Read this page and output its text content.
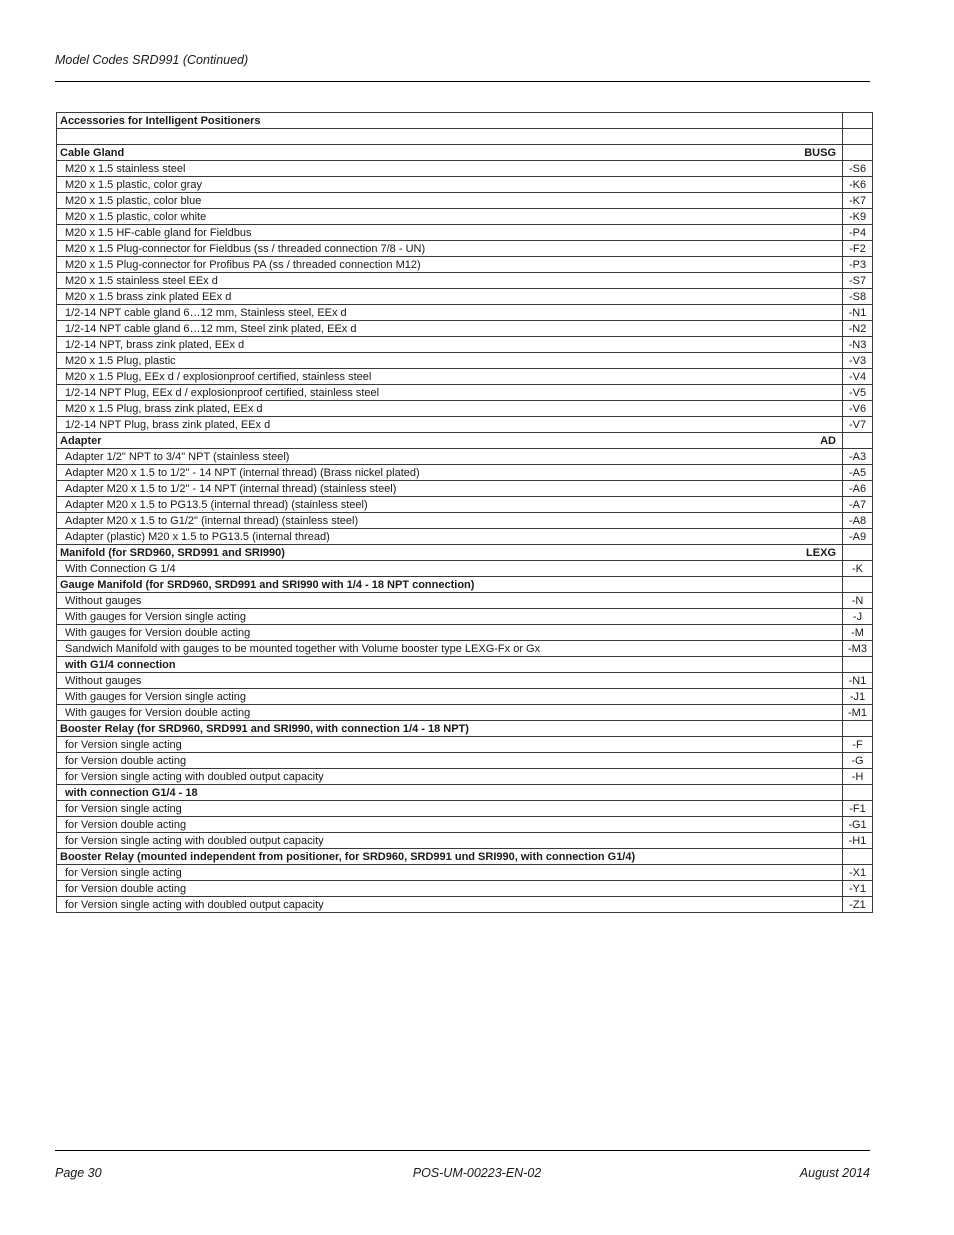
Model Codes SRD991 (Continued)
Accessories for Intelligent Positioners	

Cable Gland BUSG	

M20 x 1.5 stainless steel	-S6
M20 x 1.5 plastic, color gray	-K6
M20 x 1.5 plastic, color blue	-K7
M20 x 1.5 plastic, color white	-K9
M20 x 1.5 HF-cable gland for Fieldbus	-P4
M20 x 1.5 Plug-connector for Fieldbus (ss / threaded connection 7/8 - UN)	-F2
M20 x 1.5 Plug-connector for Profibus PA (ss / threaded connection M12)	-P3
M20 x 1.5 stainless steel EEx d	-S7
M20 x 1.5 brass zink plated EEx d	-S8
1/2-14 NPT cable gland 6…12 mm, Stainless steel, EEx d	-N1
1/2-14 NPT cable gland 6…12 mm, Steel zink plated, EEx d	-N2
1/2-14 NPT, brass zink plated, EEx d	-N3
M20 x 1.5 Plug, plastic	-V3
M20 x 1.5 Plug, EEx d / explosionproof certified, stainless steel	-V4
1/2-14 NPT Plug, EEx d / explosionproof certified, stainless steel	-V5
M20 x 1.5 Plug, brass zink plated, EEx d	-V6
1/2-14 NPT Plug, brass zink plated, EEx d	-V7

Adapter AD	

Adapter 1/2" NPT to 3/4" NPT (stainless steel)	-A3
Adapter M20 x 1.5 to 1/2" - 14 NPT (internal thread) (Brass nickel plated)	-A5
Adapter M20 x 1.5 to 1/2" - 14 NPT (internal thread) (stainless steel)	-A6
Adapter M20 x 1.5 to PG13.5 (internal thread) (stainless steel)	-A7
Adapter M20 x 1.5 to G1/2" (internal thread) (stainless steel)	-A8
Adapter (plastic) M20 x 1.5 to PG13.5 (internal thread)	-A9

Manifold (for SRD960, SRD991 and SRI990) LEXG	

With Connection G 1/4	-K
Gauge Manifold (for SRD960, SRD991 and SRI990 with 1/4 - 18 NPT connection)	
Without gauges	-N
With gauges for Version single acting	-J
With gauges for Version double acting	-M
Sandwich Manifold with gauges to be mounted together with Volume booster type LEXG-Fx or Gx	-M3
with G1/4 connection	
Without gauges	-N1
With gauges for Version single acting	-J1
With gauges for Version double acting	-M1
Booster Relay (for SRD960, SRD991 and SRI990, with connection 1/4 - 18 NPT)	
for Version single acting	-F
for Version double acting	-G
for Version single acting with doubled output capacity	-H
with connection G1/4 - 18	
for Version single acting	-F1
for Version double acting	-G1
for Version single acting with doubled output capacity	-H1
Booster Relay (mounted independent from positioner, for SRD960, SRD991 und SRI990, with connection G1/4)	
for Version single acting	-X1
for Version double acting	-Y1
for Version single acting with doubled output capacity	-Z1
Page 30	POS-UM-00223-EN-02	August 2014
